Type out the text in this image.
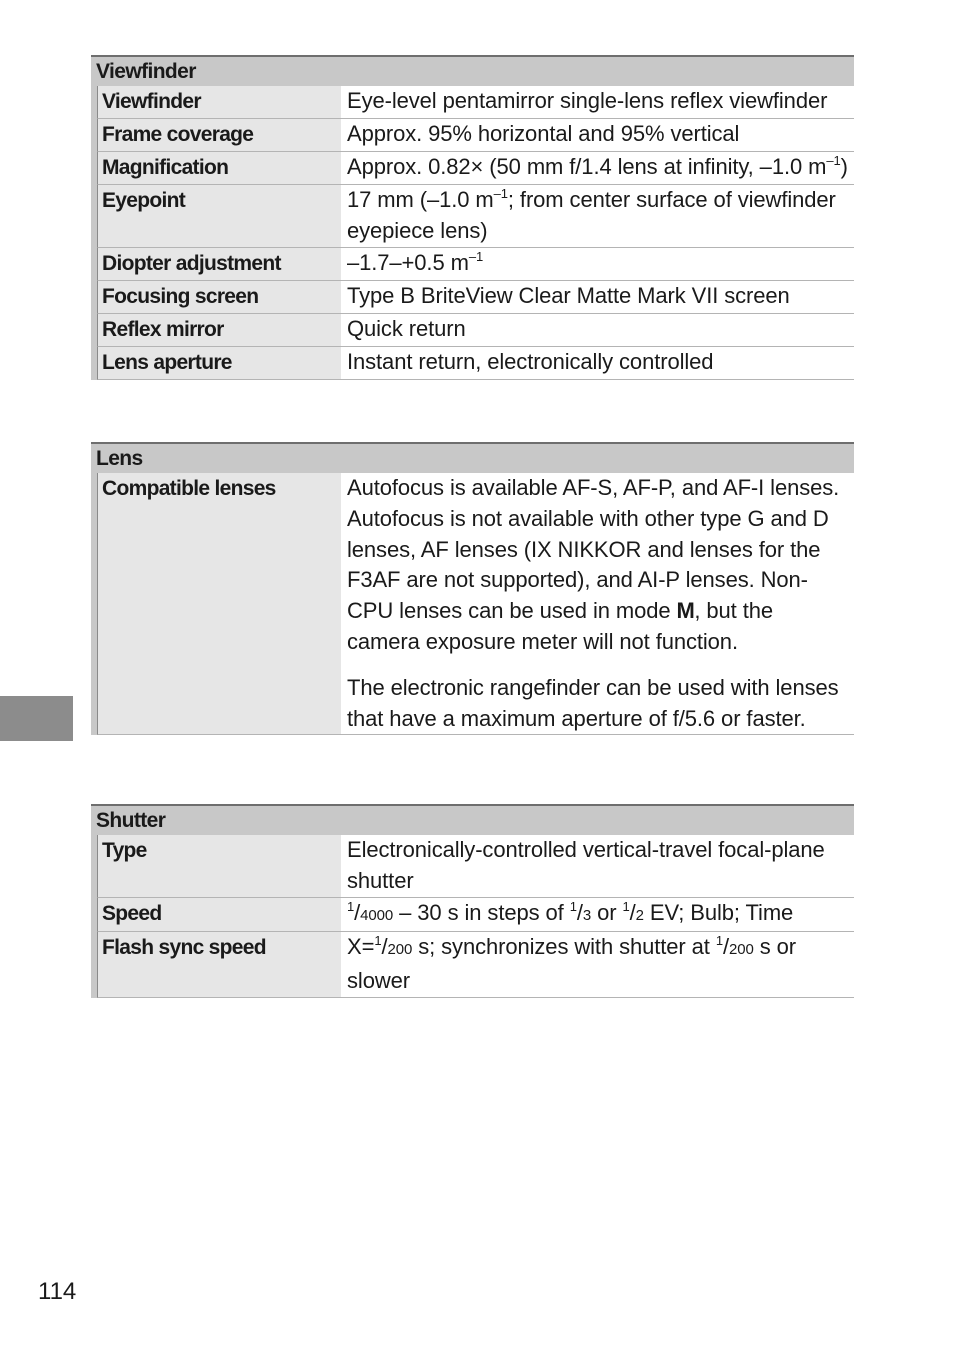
Viewfinder
Viewfinder	Eye-level pentamirror single-lens reflex viewfinder
Frame coverage	Approx. 95% horizontal and 95% vertical
Magnification	Approx. 0.82× (50 mm f/1.4 lens at infinity, –1.0 $m^{-1}$)
Eyepoint	17 mm (–1.0 $m^{-1}$; from center surface of viewfinder eyepiece lens)
Diopter adjustment	–1.7–+0.5 $m^{-1}$
Focusing screen	Type B BriteView Clear Matte Mark VII screen
Reflex mirror	Quick return
Lens aperture	Instant return, electronically controlled
Lens
Compatible lenses	Autofocus is available AF-S, AF-P, and AF-I lenses. Autofocus is not available with other type G and D lenses, AF lenses (IX NIKKOR and lenses for the F3AF are not supported), and AI-P lenses. Non-CPU lenses can be used in mode M, but the camera exposure meter will not function.

The electronic rangefinder can be used with lenses that have a maximum aperture of f/5.6 or faster.

Shutter
Type	Electronically-controlled vertical-travel focal-plane shutter
Speed	$^1$/4000 – 30 s in steps of $^1$/3 or $^1$/2 EV; Bulb; Time
Flash sync speed	X=$^1$/200 s; synchronizes with shutter at $^1$/200 s or slower
114
